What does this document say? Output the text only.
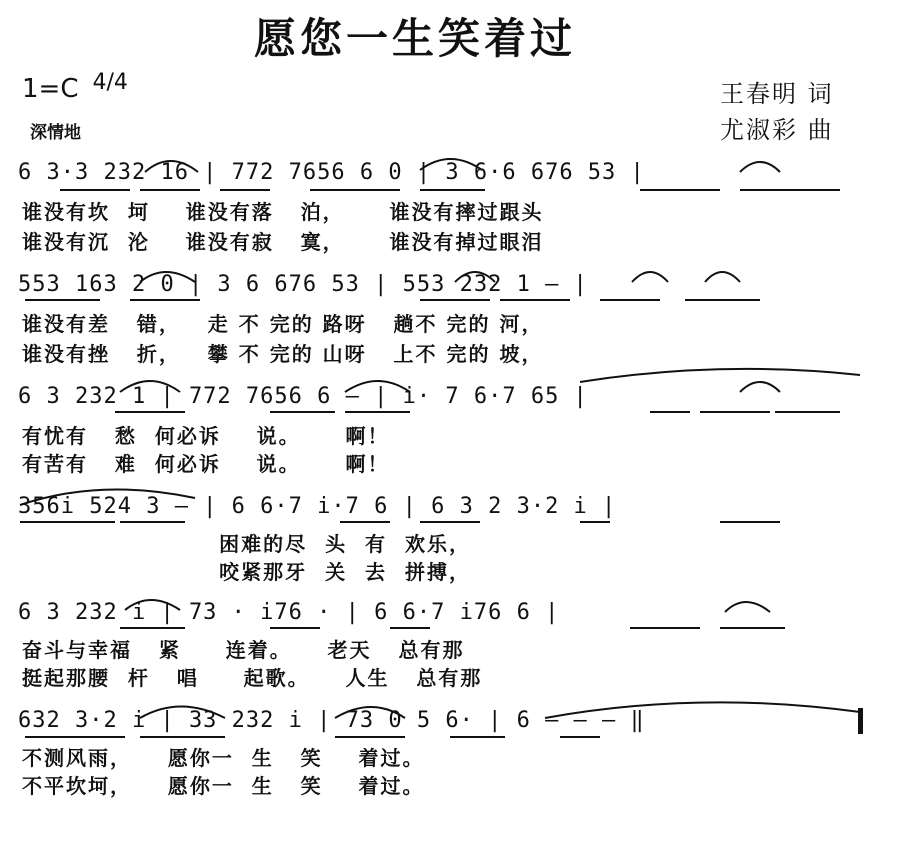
愿您一生笑着过
1=C $^{4/4}$
深情地
王春明 词
尤淑彩 曲
6 3·3 232 16 | 772 7656 6 0 | 3 6·6 676 53 |
谁没有坎  坷    谁没有落   泊，     谁没有摔过跟头
谁没有沉  沦    谁没有寂   寞，     谁没有掉过眼泪
553 163 2 0 | 3 6 676 53 | 553 232 1 — |
谁没有差   错，   走 不 完的 路呀   趟不 完的 河，
谁没有挫   折，   攀 不 完的 山呀   上不 完的 坡，
6 3 232 1 | 772 7656 6 — | i· 7 6·7 65 |
有忧有   愁  何必诉    说。     啊！
有苦有   难  何必诉    说。     啊！
356i 524 3 — | 6 6·7 i·7 6 | 6 3 2 3·2 i |
困难的尽  头  有  欢乐，
咬紧那牙  关  去  拼搏，
6 3 232 i | 73 · i76 · | 6 6·7 i76 6 |
奋斗与幸福   紧     连着。    老天   总有那
挺起那腰  杆   唱     起歌。    人生   总有那
632 3·2 i | 33 232 i | 73 0 5 6· | 6 — — — ‖
不测风雨，    愿你一  生   笑    着过。
不平坎坷，    愿你一  生   笑    着过。
